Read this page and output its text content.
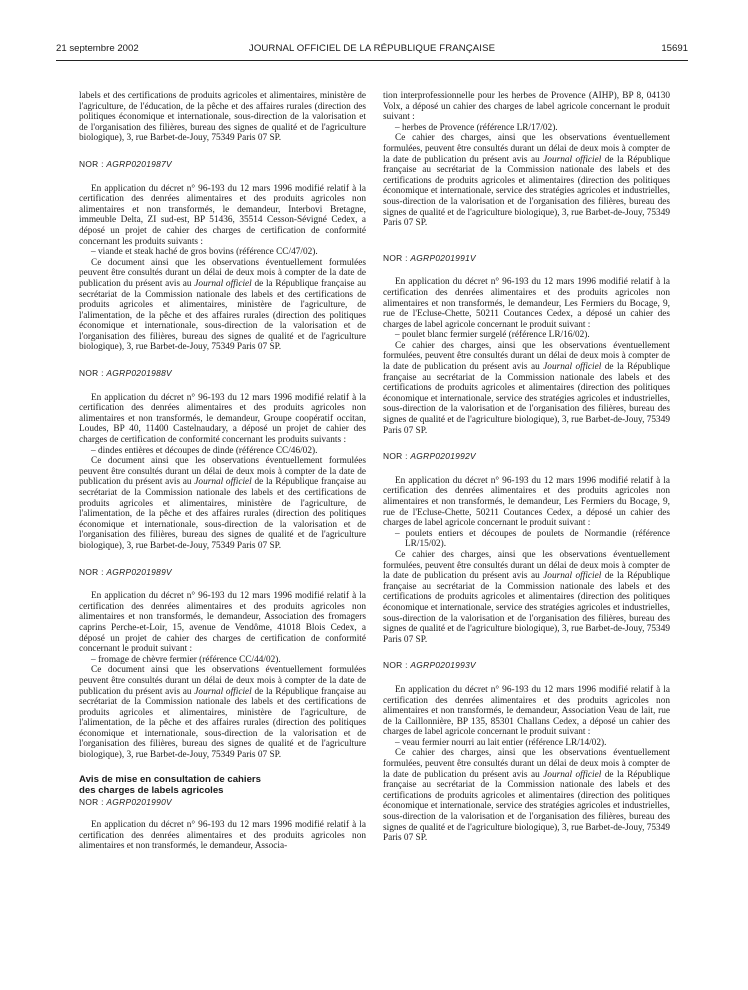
21 septembre 2002	JOURNAL OFFICIEL DE LA RÉPUBLIQUE FRANÇAISE	15691

labels et des certifications de produits agricoles et alimentaires, ministère de l'agriculture, de l'éducation, de la pêche et des affaires rurales (direction des politiques économique et internationale, sous-direction de la valorisation et de l'organisation des filières, bureau des signes de qualité et de l'agriculture biologique), 3, rue Barbet-de-Jouy, 75349 Paris 07 SP.

NOR : AGRP0201987V

En application du décret n° 96-193 du 12 mars 1996 modifié relatif à la certification des denrées alimentaires et des produits agricoles non alimentaires et non transformés, le demandeur, Interbovi Bretagne, immeuble Delta, ZI sud-est, BP 51436, 35514 Cesson-Sévigné Cedex, a déposé un projet de cahier des charges de certification de conformité concernant les produits suivants :

– viande et steak haché de gros bovins (référence CC/47/02).

Ce document ainsi que les observations éventuellement formulées peuvent être consultés durant un délai de deux mois à compter de la date de publication du présent avis au Journal officiel de la République française au secrétariat de la Commission nationale des labels et des certifications de produits agricoles et alimentaires, ministère de l'agriculture, de l'alimentation, de la pêche et des affaires rurales (direction des politiques économique et internationale, sous-direction de la valorisation et de l'organisation des filières, bureau des signes de qualité et de l'agriculture biologique), 3, rue Barbet-de-Jouy, 75349 Paris 07 SP.

NOR : AGRP0201988V

En application du décret n° 96-193 du 12 mars 1996 modifié relatif à la certification des denrées alimentaires et des produits agricoles non alimentaires et non transformés, le demandeur, Groupe coopératif occitan, Loudes, BP 40, 11400 Castelnaudary, a déposé un projet de cahier des charges de certification de conformité concernant les produits suivants :

– dindes entières et découpes de dinde (référence CC/46/02).

Ce document ainsi que les observations éventuellement formulées peuvent être consultés durant un délai de deux mois à compter de la date de publication du présent avis au Journal officiel de la République française au secrétariat de la Commission nationale des labels et des certifications de produits agricoles et alimentaires, ministère de l'agriculture, de l'alimentation, de la pêche et des affaires rurales (direction des politiques économique et internationale, sous-direction de la valorisation et de l'organisation des filières, bureau des signes de qualité et de l'agriculture biologique), 3, rue Barbet-de-Jouy, 75349 Paris 07 SP.

NOR : AGRP0201989V

En application du décret n° 96-193 du 12 mars 1996 modifié relatif à la certification des denrées alimentaires et des produits agricoles non alimentaires et non transformés, le demandeur, Association des fromagers caprins Perche-et-Loir, 15, avenue de Vendôme, 41018 Blois Cedex, a déposé un projet de cahier des charges de certification de conformité concernant le produit suivant :

– fromage de chèvre fermier (référence CC/44/02).

Ce document ainsi que les observations éventuellement formulées peuvent être consultés durant un délai de deux mois à compter de la date de publication du présent avis au Journal officiel de la République française au secrétariat de la Commission nationale des labels et des certifications de produits agricoles et alimentaires, ministère de l'agriculture, de l'alimentation, de la pêche et des affaires rurales (direction des politiques économique et internationale, sous-direction de la valorisation et de l'organisation des filières, bureau des signes de qualité et de l'agriculture biologique), 3, rue Barbet-de-Jouy, 75349 Paris 07 SP.

Avis de mise en consultation de cahiers

des charges de labels agricoles

NOR : AGRP0201990V

En application du décret n° 96-193 du 12 mars 1996 modifié relatif à la certification des denrées alimentaires et des produits agricoles non alimentaires et non transformés, le demandeur, Associa-

tion interprofessionnelle pour les herbes de Provence (AIHP), BP 8, 04130 Volx, a déposé un cahier des charges de label agricole concernant le produit suivant :

– herbes de Provence (référence LR/17/02).

Ce cahier des charges, ainsi que les observations éventuellement formulées, peuvent être consultés durant un délai de deux mois à compter de la date de publication du présent avis au Journal officiel de la République française au secrétariat de la Commission nationale des labels et des certifications de produits agricoles et alimentaires (direction des politiques économique et internationale, service des stratégies agricoles et industrielles, sous-direction de la valorisation et de l'organisation des filières, bureau des signes de qualité et de l'agriculture biologique), 3, rue Barbet-de-Jouy, 75349 Paris 07 SP.

NOR : AGRP0201991V

En application du décret n° 96-193 du 12 mars 1996 modifié relatif à la certification des denrées alimentaires et des produits agricoles non alimentaires et non transformés, le demandeur, Les Fermiers du Bocage, 9, rue de l'Ecluse-Chette, 50211 Coutances Cedex, a déposé un cahier des charges de label agricole concernant le produit suivant :

– poulet blanc fermier surgelé (référence LR/16/02).

Ce cahier des charges, ainsi que les observations éventuellement formulées, peuvent être consultés durant un délai de deux mois à compter de la date de publication du présent avis au Journal officiel de la République française au secrétariat de la Commission nationale des labels et des certifications de produits agricoles et alimentaires (direction des politiques économique et internationale, service des stratégies agricoles et industrielles, sous-direction de la valorisation et de l'organisation des filières, bureau des signes de qualité et de l'agriculture biologique), 3, rue Barbet-de-Jouy, 75349 Paris 07 SP.

NOR : AGRP0201992V

En application du décret n° 96-193 du 12 mars 1996 modifié relatif à la certification des denrées alimentaires et des produits agricoles non alimentaires et non transformés, le demandeur, Les Fermiers du Bocage, 9, rue de l'Ecluse-Chette, 50211 Coutances Cedex, a déposé un cahier des charges de label agricole concernant le produit suivant :

– poulets entiers et découpes de poulets de Normandie (référence LR/15/02).

Ce cahier des charges, ainsi que les observations éventuellement formulées, peuvent être consultés durant un délai de deux mois à compter de la date de publication du présent avis au Journal officiel de la République française au secrétariat de la Commission nationale des labels et des certifications de produits agricoles et alimentaires (direction des politiques économique et internationale, service des stratégies agricoles et industrielles, sous-direction de la valorisation et de l'organisation des filières, bureau des signes de qualité et de l'agriculture biologique), 3, rue Barbet-de-Jouy, 75349 Paris 07 SP.

NOR : AGRP0201993V

En application du décret n° 96-193 du 12 mars 1996 modifié relatif à la certification des denrées alimentaires et des produits agricoles non alimentaires et non transformés, le demandeur, Association Veau de lait, rue de la Caillonnière, BP 135, 85301 Challans Cedex, a déposé un cahier des charges de label agricole concernant le produit suivant :

– veau fermier nourri au lait entier (référence LR/14/02).

Ce cahier des charges, ainsi que les observations éventuellement formulées, peuvent être consultés durant un délai de deux mois à compter de la date de publication du présent avis au Journal officiel de la République française au secrétariat de la Commission nationale des labels et des certifications de produits agricoles et alimentaires (direction des politiques économique et internationale, service des stratégies agricoles et industrielles, sous-direction de la valorisation et de l'organisation des filières, bureau des signes de qualité et de l'agriculture biologique), 3, rue Barbet-de-Jouy, 75349 Paris 07 SP.
